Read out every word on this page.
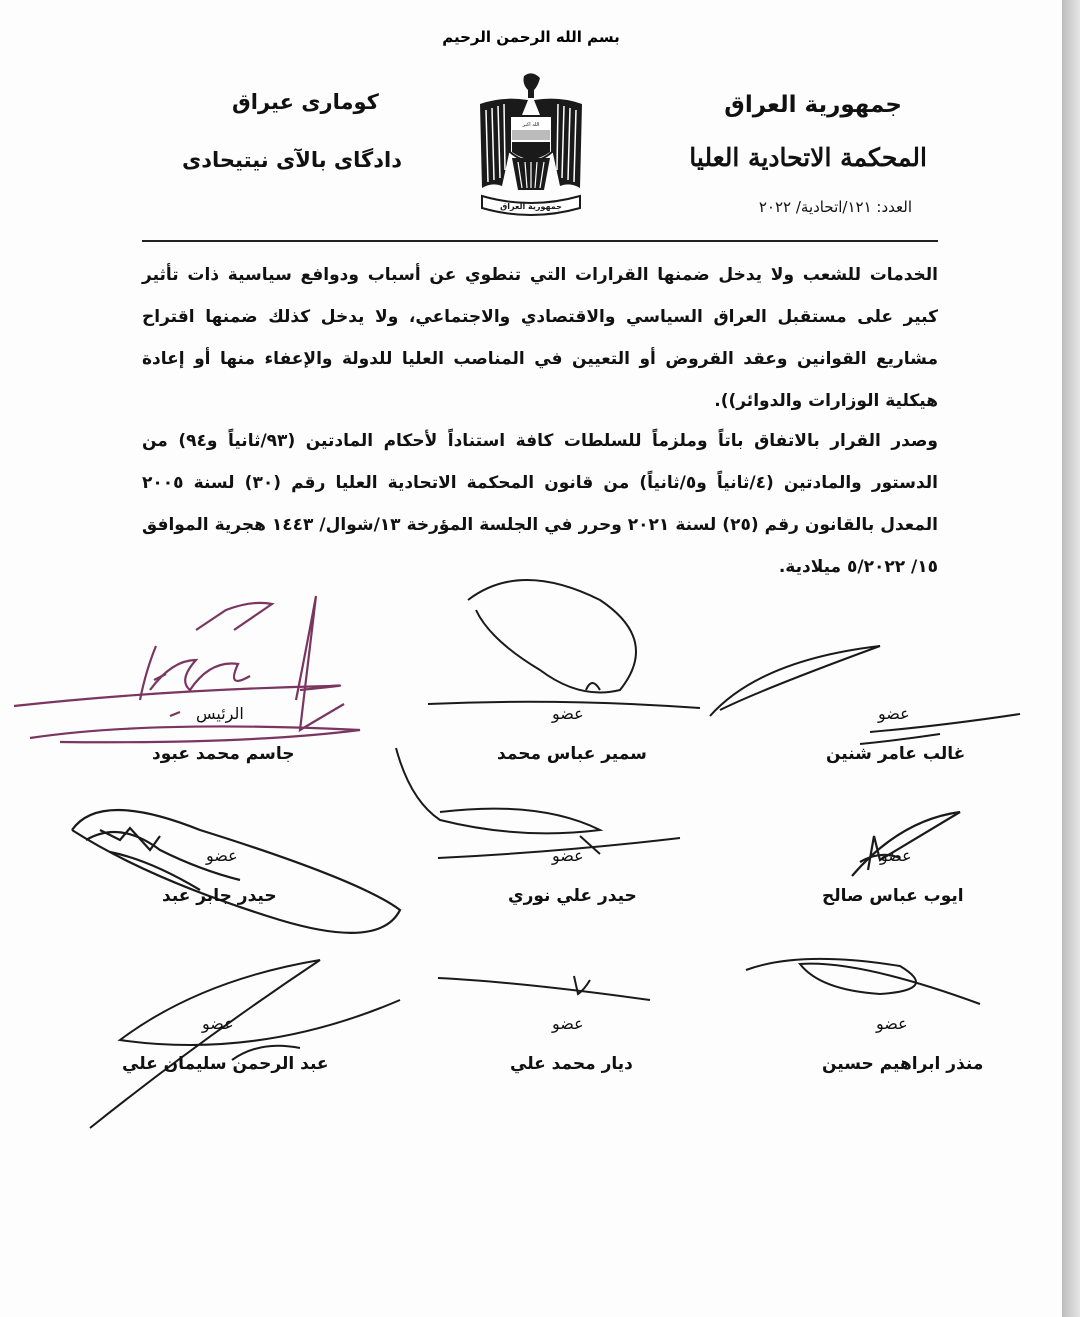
بسم الله الرحمن الرحيم
جمهورية العراق
المحكمة الاتحادية العليا
العدد: ١٢١/اتحادية/ ٢٠٢٢
كومارى عيراق
دادگاى بالآى نيتيحادى
الله اكبر
جمهورية العراق
الخدمات للشعب ولا يدخل ضمنها القرارات التي تنطوي عن أسباب ودوافع سياسية ذات تأثير كبير على مستقبل العراق السياسي والاقتصادي والاجتماعي، ولا يدخل كذلك ضمنها اقتراح مشاريع القوانين وعقد القروض أو التعيين في المناصب العليا للدولة والإعفاء منها أو إعادة هيكلية الوزارات والدوائر)).
وصدر القرار بالاتفاق باتاً وملزماً للسلطات كافة استناداً لأحكام المادتين (٩٣/ثانياً و٩٤) من الدستور والمادتين (٤/ثانياً و٥/ثانياً) من قانون المحكمة الاتحادية العليا رقم (٣٠) لسنة ٢٠٠٥ المعدل بالقانون رقم (٢٥) لسنة ٢٠٢١ وحرر في الجلسة المؤرخة ١٣/شوال/ ١٤٤٣ هجرية الموافق ١٥/ ٥/٢٠٢٢ ميلادية.
الرئيس
جاسم محمد عبود
عضو
سمير عباس محمد
عضو
غالب عامر شنين
عضو
حيدر جابر عبد
عضو
حيدر علي نوري
عضو
ايوب عباس صالح
عضو
عبد الرحمن سليمان علي
عضو
ديار محمد علي
عضو
منذر ابراهيم حسين
